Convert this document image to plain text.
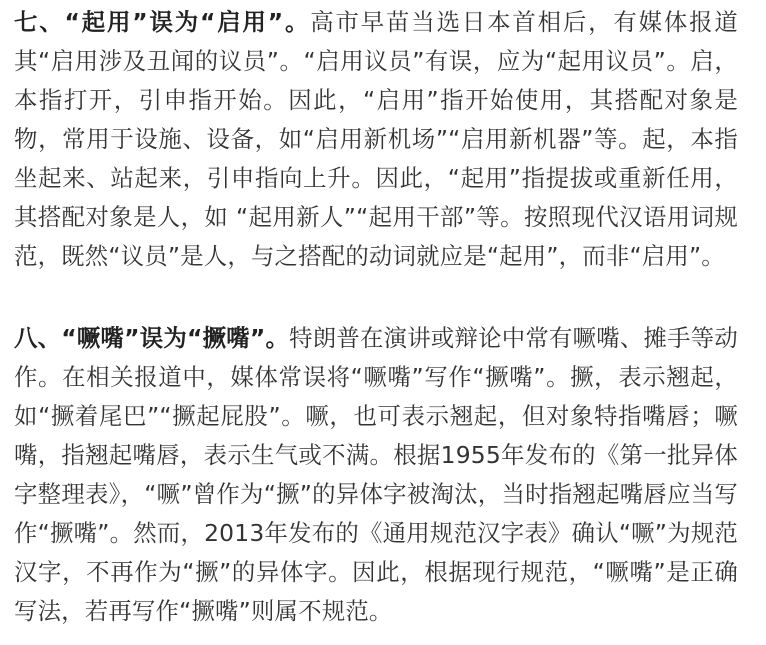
七、“起用”误为“启用”。高市早苗当选日本首相后，有媒体报道其“启用涉及丑闻的议员”。“启用议员”有误，应为“起用议员”。启，本指打开，引申指开始。因此，“启用”指开始使用，其搭配对象是物，常用于设施、设备，如“启用新机场”“启用新机器”等。起，本指坐起来、站起来，引申指向上升。因此，“起用”指提拔或重新任用，其搭配对象是人，如 “起用新人”“起用干部”等。按照现代汉语用词规范，既然“议员”是人，与之搭配的动词就应是“起用”，而非“启用”。

八、“噘嘴”误为“撅嘴”。特朗普在演讲或辩论中常有噘嘴、摊手等动作。在相关报道中，媒体常误将“噘嘴”写作“撅嘴”。撅，表示翘起，如“撅着尾巴”“撅起屁股”。噘，也可表示翘起，但对象特指嘴唇；噘嘴，指翘起嘴唇，表示生气或不满。根据1955年发布的《第一批异体字整理表》，“噘”曾作为“撅”的异体字被淘汰，当时指翘起嘴唇应当写作“撅嘴”。然而，2013年发布的《通用规范汉字表》确认“噘”为规范汉字，不再作为“撅”的异体字。因此，根据现行规范，“噘嘴”是正确写法，若再写作“撅嘴”则属不规范。
